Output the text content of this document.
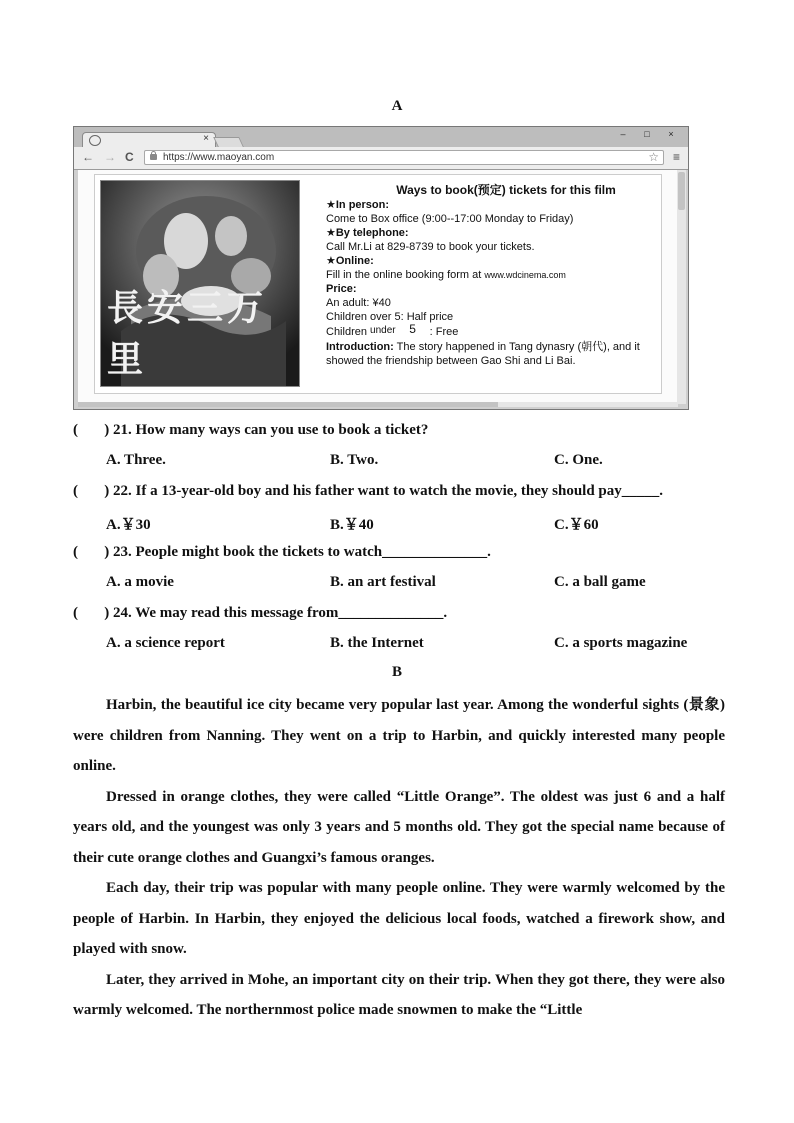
A
×	–	□	×
← → C	https://www.maoyan.com	☆ ≡
長安三万里
Ways to book(预定) tickets for this film
★In person:
Come to Box office (9:00--17:00 Monday to Friday)
★By telephone:
Call Mr.Li at 829-8739 to book your tickets.
★Online:
Fill in the online booking form at www.wdcinema.com
Price:
An adult: ¥40
Children over 5: Half price
Children under 5 : Free
Introduction: The story happened in Tang dynasry (朝代), and it showed the friendship between Gao Shi and Li Bai.
(       ) 21. How many ways can you use to book a ticket?
A. Three.	B. Two.	C. One.
(       ) 22. If a 13-year-old boy and his father want to watch the movie, they should pay_____.
A.￥30	B.￥40	C.￥60
(       ) 23. People might book the tickets to watch______________.
A. a movie	B. an art festival	C. a ball game
(       ) 24. We may read this message from______________.
A. a science report	B. the Internet	C. a sports magazine
B

Harbin, the beautiful ice city became very popular last year. Among the wonderful sights (景象) were children from Nanning. They went on a trip to Harbin, and quickly interested many people online.

Dressed in orange clothes, they were called “Little Orange”. The oldest was just 6 and a half years old, and the youngest was only 3 years and 5 months old. They got the special name because of their cute orange clothes and Guangxi’s famous oranges.

Each day, their trip was popular with many people online. They were warmly welcomed by the people of Harbin. In Harbin, they enjoyed the delicious local foods, watched a firework show, and played with snow.

Later, they arrived in Mohe, an important city on their trip. When they got there, they were also warmly welcomed. The northernmost police made snowmen to make the “Little
